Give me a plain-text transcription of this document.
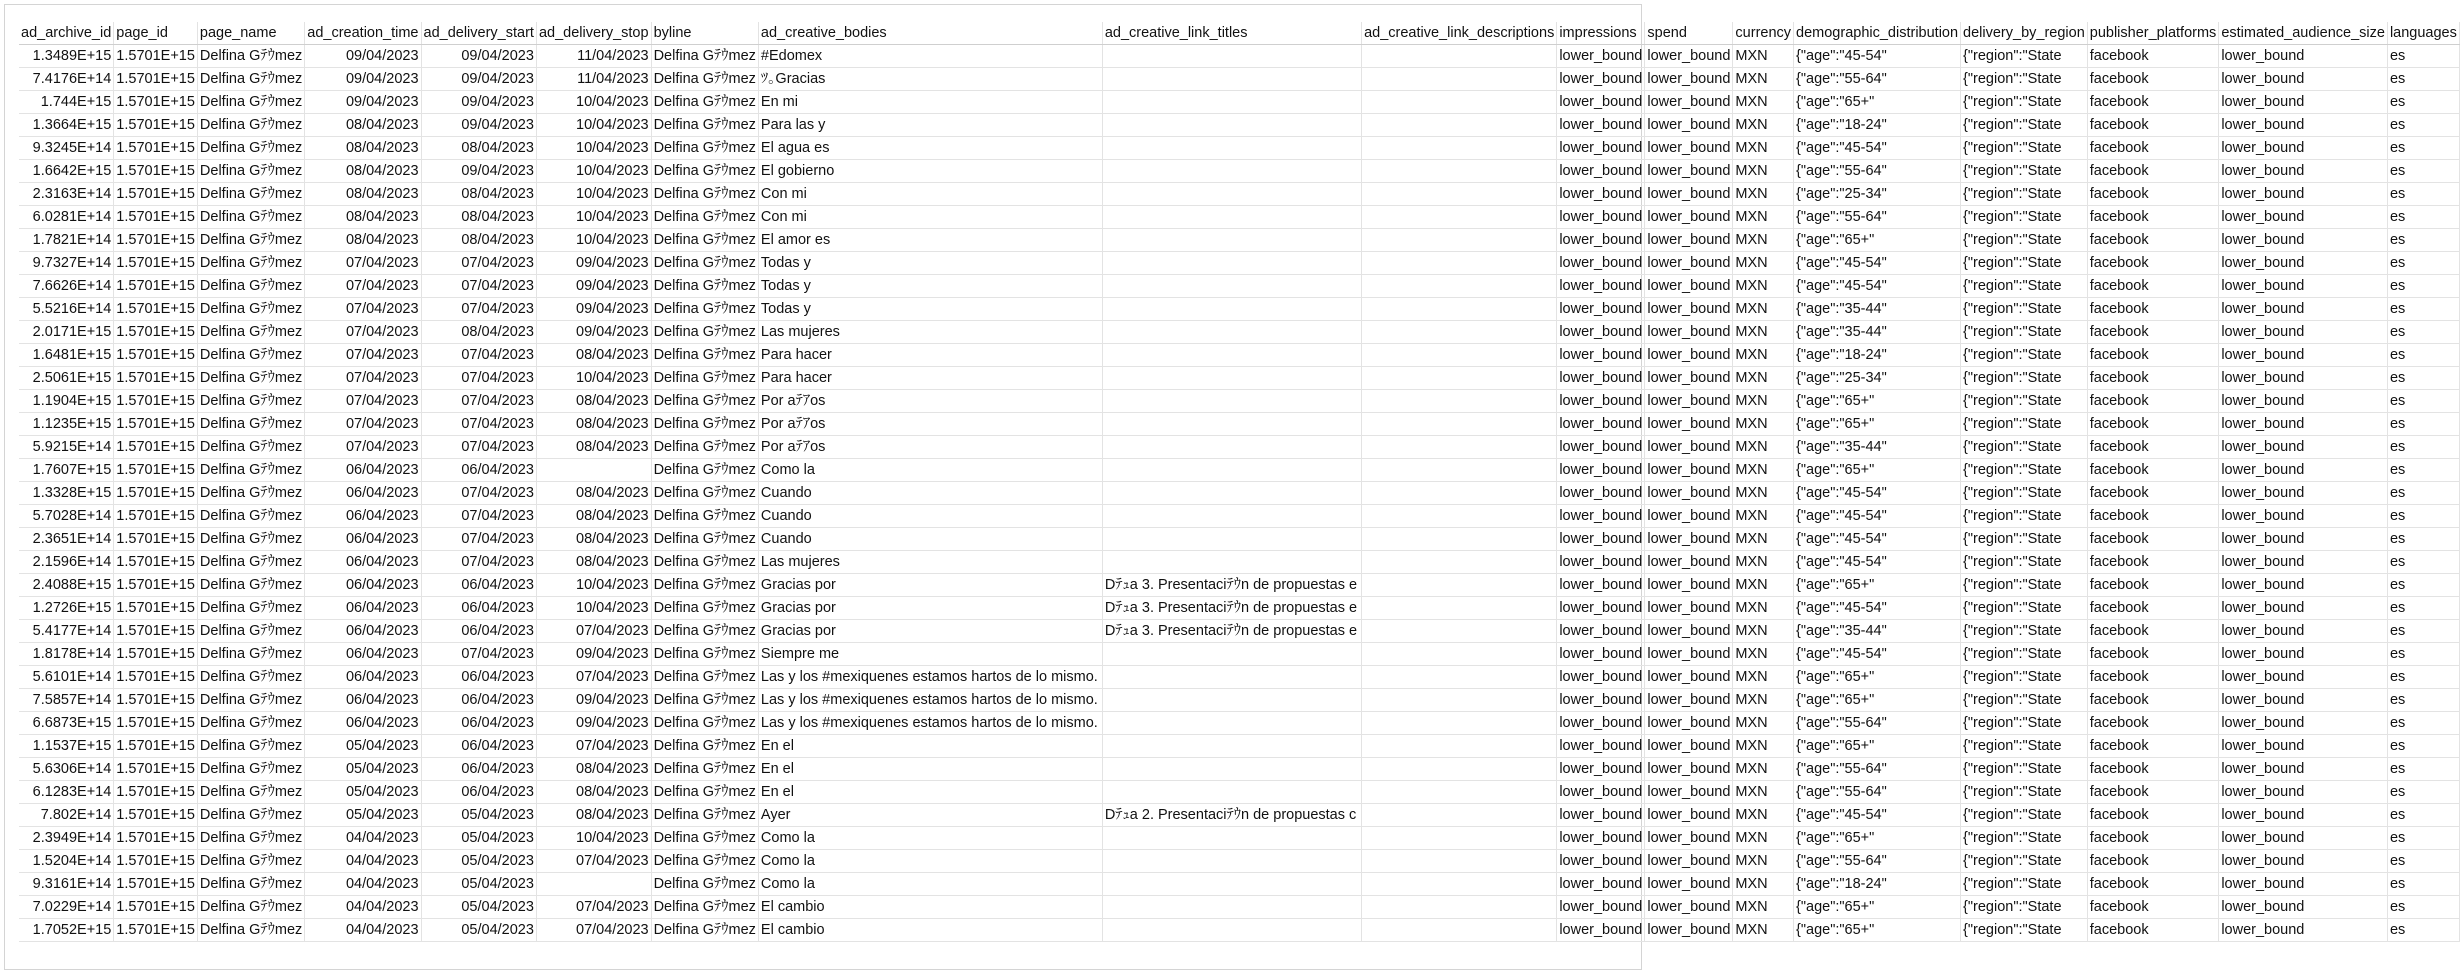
ad_archive_id	page_id	page_name	ad_creation_time	ad_delivery_start	ad_delivery_stop	byline	ad_creative_bodies	ad_creative_link_titles	ad_creative_link_descriptions	impressions	spend	currency	demographic_distribution	delivery_by_region	publisher_platforms	estimated_audience_size	languages
1.3489E+15	1.5701E+15	Delfina Gﾃｳmez	09/04/2023	09/04/2023	11/04/2023	Delfina Gﾃｳmez	#Edomex			lower_bound	lower_bound	MXN	{"age":"45-54"	{"region":"State	facebook	lower_bound	es
7.4176E+14	1.5701E+15	Delfina Gﾃｳmez	09/04/2023	09/04/2023	11/04/2023	Delfina Gﾃｳmez	ﾂ｡Gracias			lower_bound	lower_bound	MXN	{"age":"55-64"	{"region":"State	facebook	lower_bound	es
1.744E+15	1.5701E+15	Delfina Gﾃｳmez	09/04/2023	09/04/2023	10/04/2023	Delfina Gﾃｳmez	En mi			lower_bound	lower_bound	MXN	{"age":"65+"	{"region":"State	facebook	lower_bound	es
1.3664E+15	1.5701E+15	Delfina Gﾃｳmez	08/04/2023	09/04/2023	10/04/2023	Delfina Gﾃｳmez	Para las y			lower_bound	lower_bound	MXN	{"age":"18-24"	{"region":"State	facebook	lower_bound	es
9.3245E+14	1.5701E+15	Delfina Gﾃｳmez	08/04/2023	08/04/2023	10/04/2023	Delfina Gﾃｳmez	El agua es			lower_bound	lower_bound	MXN	{"age":"45-54"	{"region":"State	facebook	lower_bound	es
1.6642E+15	1.5701E+15	Delfina Gﾃｳmez	08/04/2023	09/04/2023	10/04/2023	Delfina Gﾃｳmez	El gobierno			lower_bound	lower_bound	MXN	{"age":"55-64"	{"region":"State	facebook	lower_bound	es
2.3163E+14	1.5701E+15	Delfina Gﾃｳmez	08/04/2023	08/04/2023	10/04/2023	Delfina Gﾃｳmez	Con mi			lower_bound	lower_bound	MXN	{"age":"25-34"	{"region":"State	facebook	lower_bound	es
6.0281E+14	1.5701E+15	Delfina Gﾃｳmez	08/04/2023	08/04/2023	10/04/2023	Delfina Gﾃｳmez	Con mi			lower_bound	lower_bound	MXN	{"age":"55-64"	{"region":"State	facebook	lower_bound	es
1.7821E+14	1.5701E+15	Delfina Gﾃｳmez	08/04/2023	08/04/2023	10/04/2023	Delfina Gﾃｳmez	El amor es			lower_bound	lower_bound	MXN	{"age":"65+"	{"region":"State	facebook	lower_bound	es
9.7327E+14	1.5701E+15	Delfina Gﾃｳmez	07/04/2023	07/04/2023	09/04/2023	Delfina Gﾃｳmez	Todas y			lower_bound	lower_bound	MXN	{"age":"45-54"	{"region":"State	facebook	lower_bound	es
7.6626E+14	1.5701E+15	Delfina Gﾃｳmez	07/04/2023	07/04/2023	09/04/2023	Delfina Gﾃｳmez	Todas y			lower_bound	lower_bound	MXN	{"age":"45-54"	{"region":"State	facebook	lower_bound	es
5.5216E+14	1.5701E+15	Delfina Gﾃｳmez	07/04/2023	07/04/2023	09/04/2023	Delfina Gﾃｳmez	Todas y			lower_bound	lower_bound	MXN	{"age":"35-44"	{"region":"State	facebook	lower_bound	es
2.0171E+15	1.5701E+15	Delfina Gﾃｳmez	07/04/2023	08/04/2023	09/04/2023	Delfina Gﾃｳmez	Las mujeres			lower_bound	lower_bound	MXN	{"age":"35-44"	{"region":"State	facebook	lower_bound	es
1.6481E+15	1.5701E+15	Delfina Gﾃｳmez	07/04/2023	07/04/2023	08/04/2023	Delfina Gﾃｳmez	Para hacer			lower_bound	lower_bound	MXN	{"age":"18-24"	{"region":"State	facebook	lower_bound	es
2.5061E+15	1.5701E+15	Delfina Gﾃｳmez	07/04/2023	07/04/2023	10/04/2023	Delfina Gﾃｳmez	Para hacer			lower_bound	lower_bound	MXN	{"age":"25-34"	{"region":"State	facebook	lower_bound	es
1.1904E+15	1.5701E+15	Delfina Gﾃｳmez	07/04/2023	07/04/2023	08/04/2023	Delfina Gﾃｳmez	Por aﾃｱos			lower_bound	lower_bound	MXN	{"age":"65+"	{"region":"State	facebook	lower_bound	es
1.1235E+15	1.5701E+15	Delfina Gﾃｳmez	07/04/2023	07/04/2023	08/04/2023	Delfina Gﾃｳmez	Por aﾃｱos			lower_bound	lower_bound	MXN	{"age":"65+"	{"region":"State	facebook	lower_bound	es
5.9215E+14	1.5701E+15	Delfina Gﾃｳmez	07/04/2023	07/04/2023	08/04/2023	Delfina Gﾃｳmez	Por aﾃｱos			lower_bound	lower_bound	MXN	{"age":"35-44"	{"region":"State	facebook	lower_bound	es
1.7607E+15	1.5701E+15	Delfina Gﾃｳmez	06/04/2023	06/04/2023		Delfina Gﾃｳmez	Como la			lower_bound	lower_bound	MXN	{"age":"65+"	{"region":"State	facebook	lower_bound	es
1.3328E+15	1.5701E+15	Delfina Gﾃｳmez	06/04/2023	07/04/2023	08/04/2023	Delfina Gﾃｳmez	Cuando			lower_bound	lower_bound	MXN	{"age":"45-54"	{"region":"State	facebook	lower_bound	es
5.7028E+14	1.5701E+15	Delfina Gﾃｳmez	06/04/2023	07/04/2023	08/04/2023	Delfina Gﾃｳmez	Cuando			lower_bound	lower_bound	MXN	{"age":"45-54"	{"region":"State	facebook	lower_bound	es
2.3651E+14	1.5701E+15	Delfina Gﾃｳmez	06/04/2023	07/04/2023	08/04/2023	Delfina Gﾃｳmez	Cuando			lower_bound	lower_bound	MXN	{"age":"45-54"	{"region":"State	facebook	lower_bound	es
2.1596E+14	1.5701E+15	Delfina Gﾃｳmez	06/04/2023	07/04/2023	08/04/2023	Delfina Gﾃｳmez	Las mujeres			lower_bound	lower_bound	MXN	{"age":"45-54"	{"region":"State	facebook	lower_bound	es
2.4088E+15	1.5701E+15	Delfina Gﾃｳmez	06/04/2023	06/04/2023	10/04/2023	Delfina Gﾃｳmez	Gracias por	Dﾃｭa 3. Presentaciﾃｳn de propuestas e		lower_bound	lower_bound	MXN	{"age":"65+"	{"region":"State	facebook	lower_bound	es
1.2726E+15	1.5701E+15	Delfina Gﾃｳmez	06/04/2023	06/04/2023	10/04/2023	Delfina Gﾃｳmez	Gracias por	Dﾃｭa 3. Presentaciﾃｳn de propuestas e		lower_bound	lower_bound	MXN	{"age":"45-54"	{"region":"State	facebook	lower_bound	es
5.4177E+14	1.5701E+15	Delfina Gﾃｳmez	06/04/2023	06/04/2023	07/04/2023	Delfina Gﾃｳmez	Gracias por	Dﾃｭa 3. Presentaciﾃｳn de propuestas e		lower_bound	lower_bound	MXN	{"age":"35-44"	{"region":"State	facebook	lower_bound	es
1.8178E+14	1.5701E+15	Delfina Gﾃｳmez	06/04/2023	07/04/2023	09/04/2023	Delfina Gﾃｳmez	Siempre me			lower_bound	lower_bound	MXN	{"age":"45-54"	{"region":"State	facebook	lower_bound	es
5.6101E+14	1.5701E+15	Delfina Gﾃｳmez	06/04/2023	06/04/2023	07/04/2023	Delfina Gﾃｳmez	Las y los #mexiquenes estamos hartos de lo mismo.			lower_bound	lower_bound	MXN	{"age":"65+"	{"region":"State	facebook	lower_bound	es
7.5857E+14	1.5701E+15	Delfina Gﾃｳmez	06/04/2023	06/04/2023	09/04/2023	Delfina Gﾃｳmez	Las y los #mexiquenes estamos hartos de lo mismo.			lower_bound	lower_bound	MXN	{"age":"65+"	{"region":"State	facebook	lower_bound	es
6.6873E+15	1.5701E+15	Delfina Gﾃｳmez	06/04/2023	06/04/2023	09/04/2023	Delfina Gﾃｳmez	Las y los #mexiquenes estamos hartos de lo mismo.			lower_bound	lower_bound	MXN	{"age":"55-64"	{"region":"State	facebook	lower_bound	es
1.1537E+15	1.5701E+15	Delfina Gﾃｳmez	05/04/2023	06/04/2023	07/04/2023	Delfina Gﾃｳmez	En el			lower_bound	lower_bound	MXN	{"age":"65+"	{"region":"State	facebook	lower_bound	es
5.6306E+14	1.5701E+15	Delfina Gﾃｳmez	05/04/2023	06/04/2023	08/04/2023	Delfina Gﾃｳmez	En el			lower_bound	lower_bound	MXN	{"age":"55-64"	{"region":"State	facebook	lower_bound	es
6.1283E+14	1.5701E+15	Delfina Gﾃｳmez	05/04/2023	06/04/2023	08/04/2023	Delfina Gﾃｳmez	En el			lower_bound	lower_bound	MXN	{"age":"55-64"	{"region":"State	facebook	lower_bound	es
7.802E+14	1.5701E+15	Delfina Gﾃｳmez	05/04/2023	05/04/2023	08/04/2023	Delfina Gﾃｳmez	Ayer	Dﾃｭa 2. Presentaciﾃｳn de propuestas c		lower_bound	lower_bound	MXN	{"age":"45-54"	{"region":"State	facebook	lower_bound	es
2.3949E+14	1.5701E+15	Delfina Gﾃｳmez	04/04/2023	05/04/2023	10/04/2023	Delfina Gﾃｳmez	Como la			lower_bound	lower_bound	MXN	{"age":"65+"	{"region":"State	facebook	lower_bound	es
1.5204E+14	1.5701E+15	Delfina Gﾃｳmez	04/04/2023	05/04/2023	07/04/2023	Delfina Gﾃｳmez	Como la			lower_bound	lower_bound	MXN	{"age":"55-64"	{"region":"State	facebook	lower_bound	es
9.3161E+14	1.5701E+15	Delfina Gﾃｳmez	04/04/2023	05/04/2023		Delfina Gﾃｳmez	Como la			lower_bound	lower_bound	MXN	{"age":"18-24"	{"region":"State	facebook	lower_bound	es
7.0229E+14	1.5701E+15	Delfina Gﾃｳmez	04/04/2023	05/04/2023	07/04/2023	Delfina Gﾃｳmez	El cambio			lower_bound	lower_bound	MXN	{"age":"65+"	{"region":"State	facebook	lower_bound	es
1.7052E+15	1.5701E+15	Delfina Gﾃｳmez	04/04/2023	05/04/2023	07/04/2023	Delfina Gﾃｳmez	El cambio			lower_bound	lower_bound	MXN	{"age":"65+"	{"region":"State	facebook	lower_bound	es
